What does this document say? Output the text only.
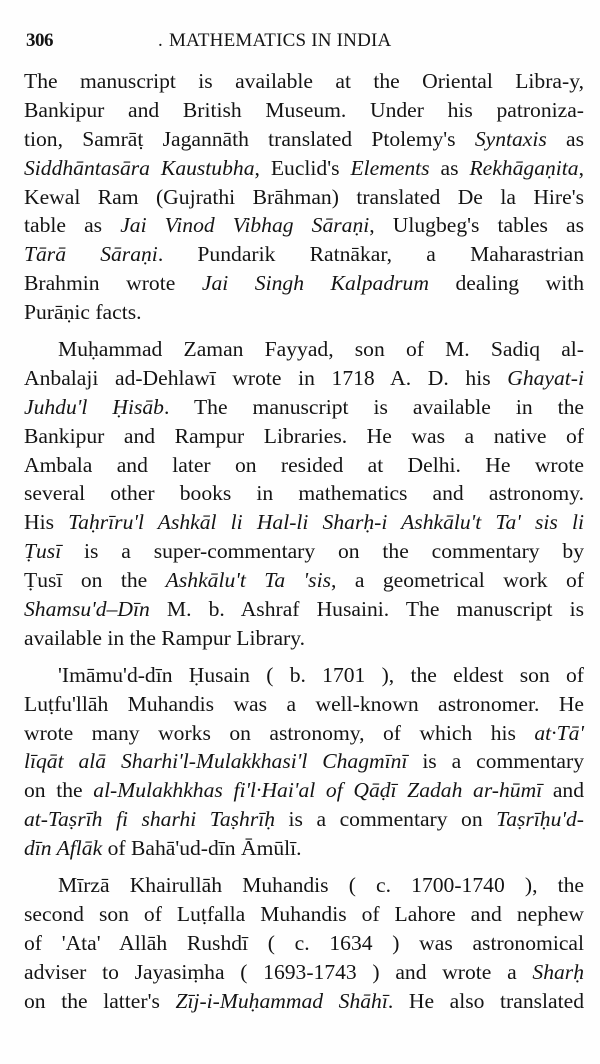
306	. MATHEMATICS IN INDIA
The manuscript is available at the Oriental Libra-y,
Bankipur and British Museum. Under his patroniza-
tion, Samrāṭ Jagannāth translated Ptolemy's Syntaxis as
Siddhāntasāra Kaustubha, Euclid's Elements as Rekhāgaṇita,
Kewal Ram (Gujrathi Brāhman) translated De la Hire's
table as Jai Vinod Vibhag Sāraṇi, Ulugbeg's tables as
Tārā Sāraṇi. Pundarik Ratnākar, a Maharastrian
Brahmin wrote Jai Singh Kalpadrum dealing with
Purāṇic facts.
Muḥammad Zaman Fayyad, son of M. Sadiq al-
Anbalaji ad-Dehlawī wrote in 1718 A. D. his Ghayat-i
Juhdu'l Ḥisāb. The manuscript is available in the
Bankipur and Rampur Libraries. He was a native of
Ambala and later on resided at Delhi. He wrote
several other books in mathematics and astronomy.
His Taḥrīru'l Ashkāl li Hal-li Sharḥ-i Ashkālu't Ta' sis li
Ṭusī is a super-commentary on the commentary by
Ṭusī on the Ashkālu't Ta 'sis, a geometrical work of
Shamsu'd–Dīn M. b. Ashraf Husaini. The manuscript is
available in the Rampur Library.
'Imāmu'd-dīn Ḥusain ( b. 1701 ), the eldest son of
Luṭfu'llāh Muhandis was a well-known astronomer. He
wrote many works on astronomy, of which his at·Tā'
līqāt alā Sharhi'l-Mulakkhasi'l Chagmīnī is a commentary
on the al-Mulakhkhas fi'l·Hai'al of Qāḍī Zadah ar-hūmī and
at-Taṣrīh fi sharhi Taṣhrīḥ is a commentary on Taṣrīḥu'd-
dīn Aflāk of Bahā'ud-dīn Āmūlī.
Mīrzā Khairullāh Muhandis ( c. 1700-1740 ), the
second son of Luṭfalla Muhandis of Lahore and nephew
of 'Ata' Allāh Rushdī ( c. 1634 ) was astronomical
adviser to Jayasiṃha ( 1693-1743 ) and wrote a Sharḥ
on the latter's Zīj-i-Muḥammad Shāhī. He also translated
